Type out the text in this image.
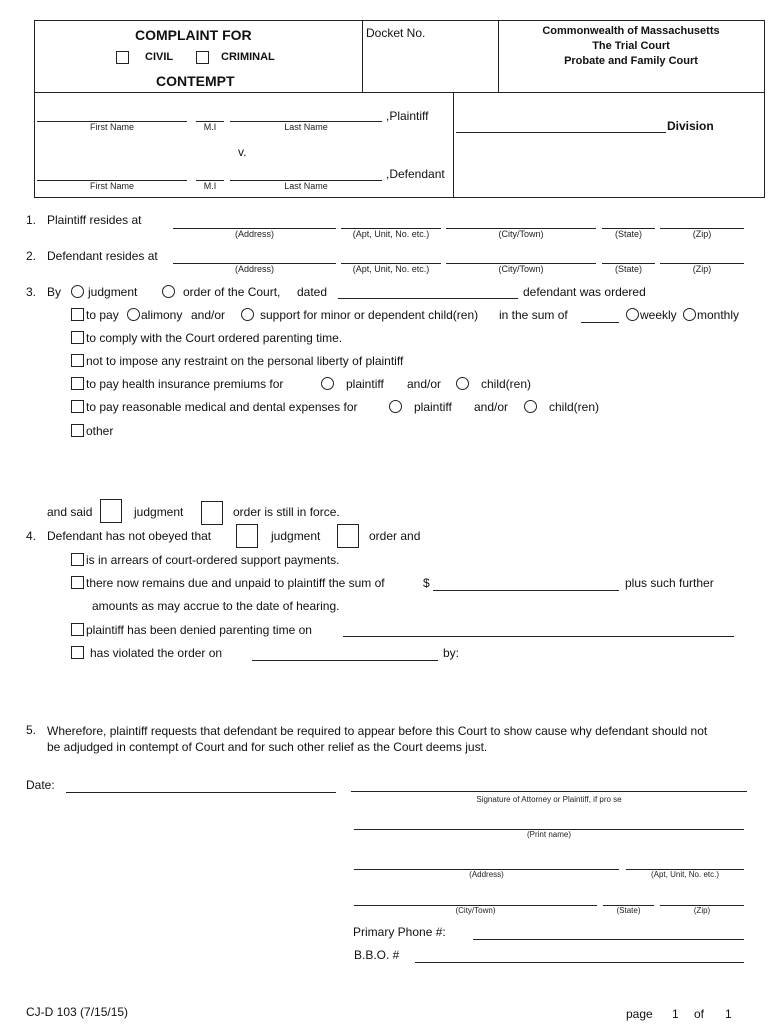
COMPLAINT FOR
CIVIL	CRIMINAL
CONTEMPT
Docket No.	Commonwealth of Massachusetts
The Trial Court
Probate and Family Court
,Plaintiff
First Name	M.I	Last Name
v.
,Defendant
First Name	M.I	Last Name
Division
1. Plaintiff resides at
(Address)	(Apt, Unit, No. etc.)	(City/Town)	(State)	(Zip)
2. Defendant resides at
(Address)	(Apt, Unit, No. etc.)	(City/Town)	(State)	(Zip)
3. By judgment	order of the Court, dated	defendant was ordered
to pay alimony and/or	support for minor or dependent child(ren) in the sum of	weekly monthly
to comply with the Court ordered parenting time.
not to impose any restraint on the personal liberty of plaintiff
to pay health insurance premiums for	plaintiff and/or	child(ren)
to pay reasonable medical and dental expenses for	plaintiff and/or	child(ren)
other
and said	judgment	order is still in force.
4. Defendant has not obeyed that	judgment	order and
is in arrears of court-ordered support payments.
there now remains due and unpaid to plaintiff the sum of	$	plus such further
amounts as may accrue to the date of hearing.
plaintiff has been denied parenting time on
has violated the order on	by:
5. Wherefore, plaintiff requests that defendant be required to appear before this Court to show cause why defendant should not
be adjudged in contempt of Court and for such other relief as the Court deems just.
Date:
Signature of Attorney or Plaintiff, if pro se
(Print name)
(Address)	(Apt, Unit, No. etc.)
(City/Town)	(State)	(Zip)
Primary Phone #:
B.B.O. #
CJ-D 103 (7/15/15)	page 1 of 1
